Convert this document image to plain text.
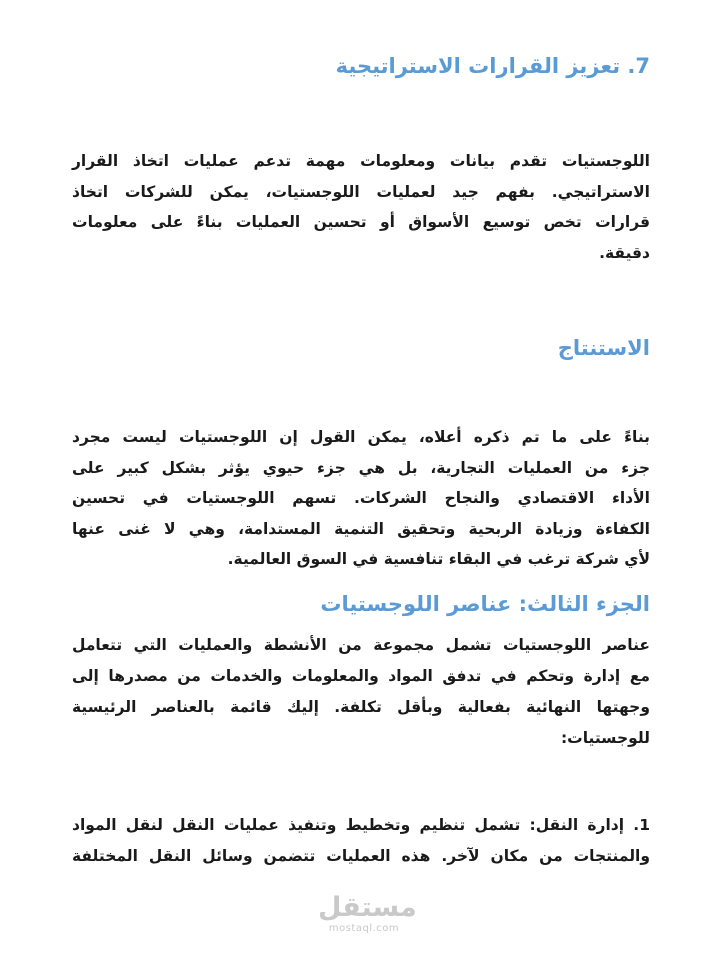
7. تعزيز القرارات الاستراتيجية

اللوجستيات تقدم بيانات ومعلومات مهمة تدعم عمليات اتخاذ القرار
الاستراتيجي. بفهم جيد لعمليات اللوجستيات، يمكن للشركات اتخاذ
قرارات تخص توسيع الأسواق أو تحسين العمليات بناءً على معلومات
دقيقة.

الاستنتاج

بناءً على ما تم ذكره أعلاه، يمكن القول إن اللوجستيات ليست مجرد
جزء من العمليات التجارية، بل هي جزء حيوي يؤثر بشكل كبير على
الأداء الاقتصادي والنجاح الشركات. تسهم اللوجستيات في تحسين
الكفاءة وزيادة الربحية وتحقيق التنمية المستدامة، وهي لا غنى عنها
لأي شركة ترغب في البقاء تنافسية في السوق العالمية.

الجزء الثالث: عناصر اللوجستيات

عناصر اللوجستيات تشمل مجموعة من الأنشطة والعمليات التي تتعامل
مع إدارة وتحكم في تدفق المواد والمعلومات والخدمات من مصدرها إلى
وجهتها النهائية بفعالية وبأقل تكلفة. إليك قائمة بالعناصر الرئيسية
للوجستيات:

1. إدارة النقل: تشمل تنظيم وتخطيط وتنفيذ عمليات النقل لنقل المواد
والمنتجات من مكان لآخر. هذه العمليات تتضمن وسائل النقل المختلفة

مستقل
mostaql.com
